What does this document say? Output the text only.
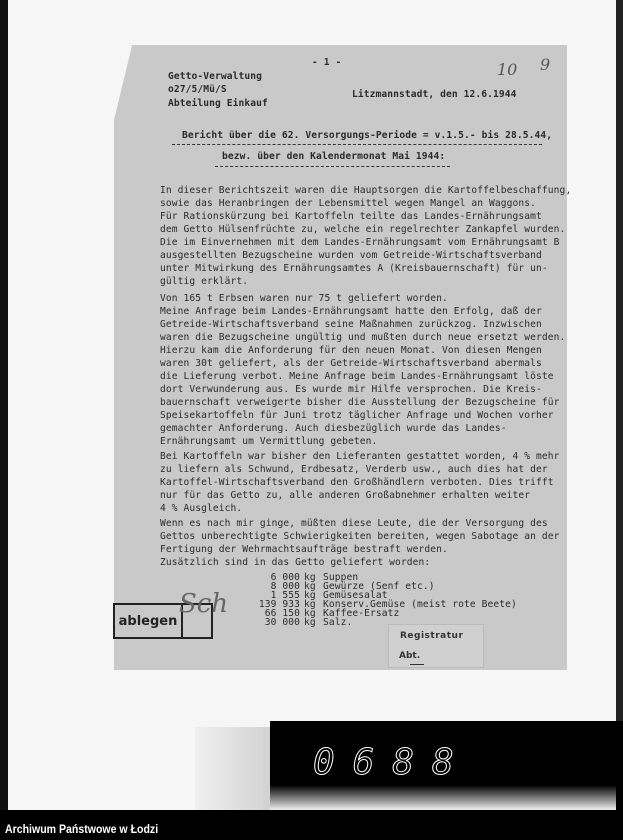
- 1 -	10 9
Getto-Verwaltung
o27/5/Mü/S
Abteilung Einkauf
Litzmannstadt, den 12.6.1944
Bericht über die 62. Versorgungs-Periode = v.1.5.- bis 28.5.44,
bezw. über den Kalendermonat Mai 1944:
In dieser Berichtszeit waren die Hauptsorgen die Kartoffelbeschaffung,
sowie das Heranbringen der Lebensmittel wegen Mangel an Waggons.
Für Rationskürzung bei Kartoffeln teilte das Landes-Ernährungsamt
dem Getto Hülsenfrüchte zu, welche ein regelrechter Zankapfel wurden.
Die im Einvernehmen mit dem Landes-Ernährungsamt vom Ernährungsamt B
ausgestellten Bezugscheine wurden vom Getreide-Wirtschaftsverband
unter Mitwirkung des Ernährungsamtes A (Kreisbauernschaft) für un-
gültig erklärt.
Von 165 t Erbsen waren nur 75 t geliefert worden.
Meine Anfrage beim Landes-Ernährungsamt hatte den Erfolg, daß der
Getreide-Wirtschaftsverband seine Maßnahmen zurückzog. Inzwischen
waren die Bezugscheine ungültig und mußten durch neue ersetzt werden.
Hierzu kam die Anforderung für den neuen Monat. Von diesen Mengen
waren 30t geliefert, als der Getreide-Wirtschaftsverband abermals
die Lieferung verbot. Meine Anfrage beim Landes-Ernährungsamt löste
dort Verwunderung aus. Es wurde mir Hilfe versprochen. Die Kreis-
bauernschaft verweigerte bisher die Ausstellung der Bezugscheine für
Speisekartoffeln für Juni trotz täglicher Anfrage und Wochen vorher
gemachter Anforderung. Auch diesbezüglich wurde das Landes-
Ernährungsamt um Vermittlung gebeten.
Bei Kartoffeln war bisher den Lieferanten gestattet worden, 4 % mehr
zu liefern als Schwund, Erdbesatz, Verderb usw., auch dies hat der
Kartoffel-Wirtschaftsverband den Großhändlern verboten. Dies trifft
nur für das Getto zu, alle anderen Großabnehmer erhalten weiter
4 % Ausgleich.
Wenn es nach mir ginge, müßten diese Leute, die der Versorgung des
Gettos unberechtigte Schwierigkeiten bereiten, wegen Sabotage an der
Fertigung der Wehrmachtsaufträge bestraft werden.
Zusätzlich sind in das Getto geliefert worden:
6 000 kg Suppen
8 000 kg Gewürze (Senf etc.)
1 555 kg Gemüsesalat
139 933 kg Konserv.Gemüse (meist rote Beete)
66 150 kg Kaffee-Ersatz
30 000 kg Salz.
ablegen
Sch
Registratur
Abt.
0688
Archiwum Państwowe w Łodzi
